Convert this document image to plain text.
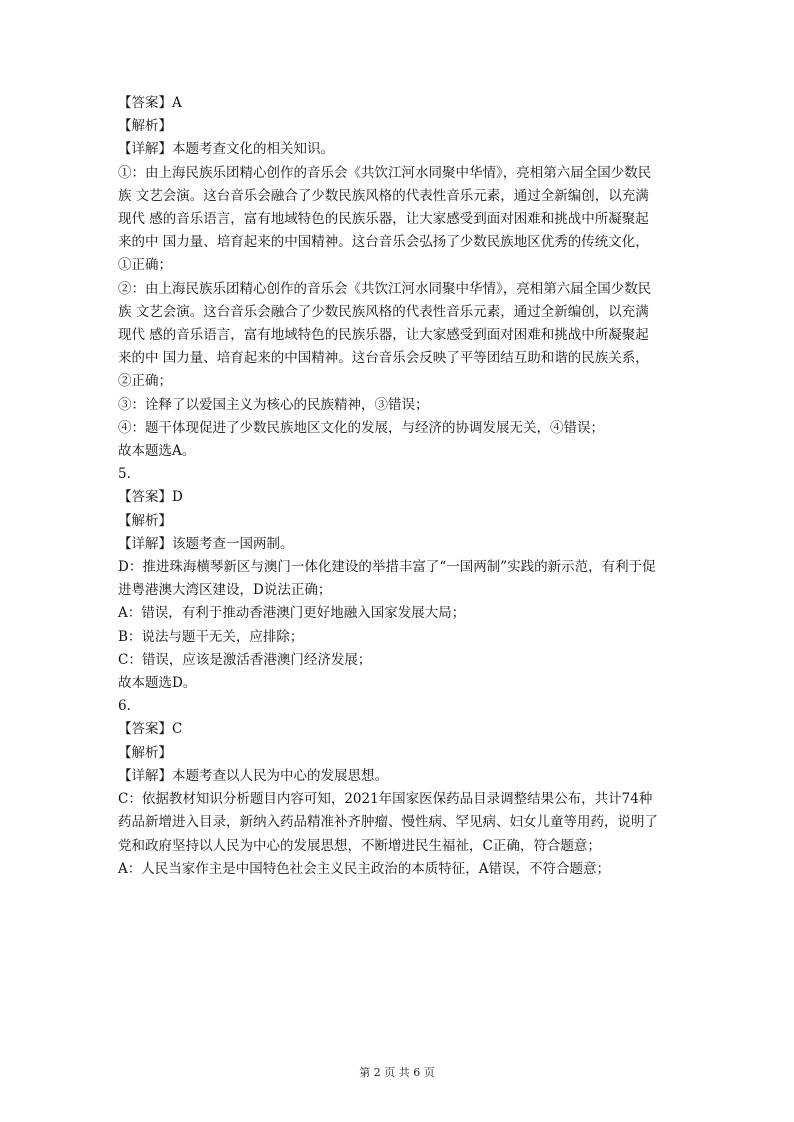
【答案】A

【解析】

【详解】本题考查文化的相关知识。

①：由上海民族乐团精心创作的音乐会《共饮江河水同聚中华情》，亮相第六届全国少数民

族 文艺会演。这台音乐会融合了少数民族风格的代表性音乐元素，通过全新编创，以充满

现代 感的音乐语言，富有地域特色的民族乐器，让大家感受到面对困难和挑战中所凝聚起

来的中 国力量、培育起来的中国精神。这台音乐会弘扬了少数民族地区优秀的传统文化，

①正确；

②：由上海民族乐团精心创作的音乐会《共饮江河水同聚中华情》，亮相第六届全国少数民

族 文艺会演。这台音乐会融合了少数民族风格的代表性音乐元素，通过全新编创，以充满

现代 感的音乐语言，富有地域特色的民族乐器，让大家感受到面对困难和挑战中所凝聚起

来的中 国力量、培育起来的中国精神。这台音乐会反映了平等团结互助和谐的民族关系，

②正确；

③：诠释了以爱国主义为核心的民族精神，③错误；

④：题干体现促进了少数民族地区文化的发展，与经济的协调发展无关，④错误；

故本题选A。

5.

【答案】D

【解析】

【详解】该题考查一国两制。

D：推进珠海横琴新区与澳门一体化建设的举措丰富了“一国两制”实践的新示范，有利于促

进粤港澳大湾区建设，D说法正确；

A：错误，有利于推动香港澳门更好地融入国家发展大局；

B：说法与题干无关，应排除；

C：错误，应该是激活香港澳门经济发展；

故本题选D。

6.

【答案】C

【解析】

【详解】本题考查以人民为中心的发展思想。

C：依据教材知识分析题目内容可知，2021年国家医保药品目录调整结果公布，共计74种

药品新增进入目录，新纳入药品精准补齐肿瘤、慢性病、罕见病、妇女儿童等用药，说明了

党和政府坚持以人民为中心的发展思想，不断增进民生福祉，C正确，符合题意；

A：人民当家作主是中国特色社会主义民主政治的本质特征，A错误，不符合题意；

第 2 页 共 6 页
